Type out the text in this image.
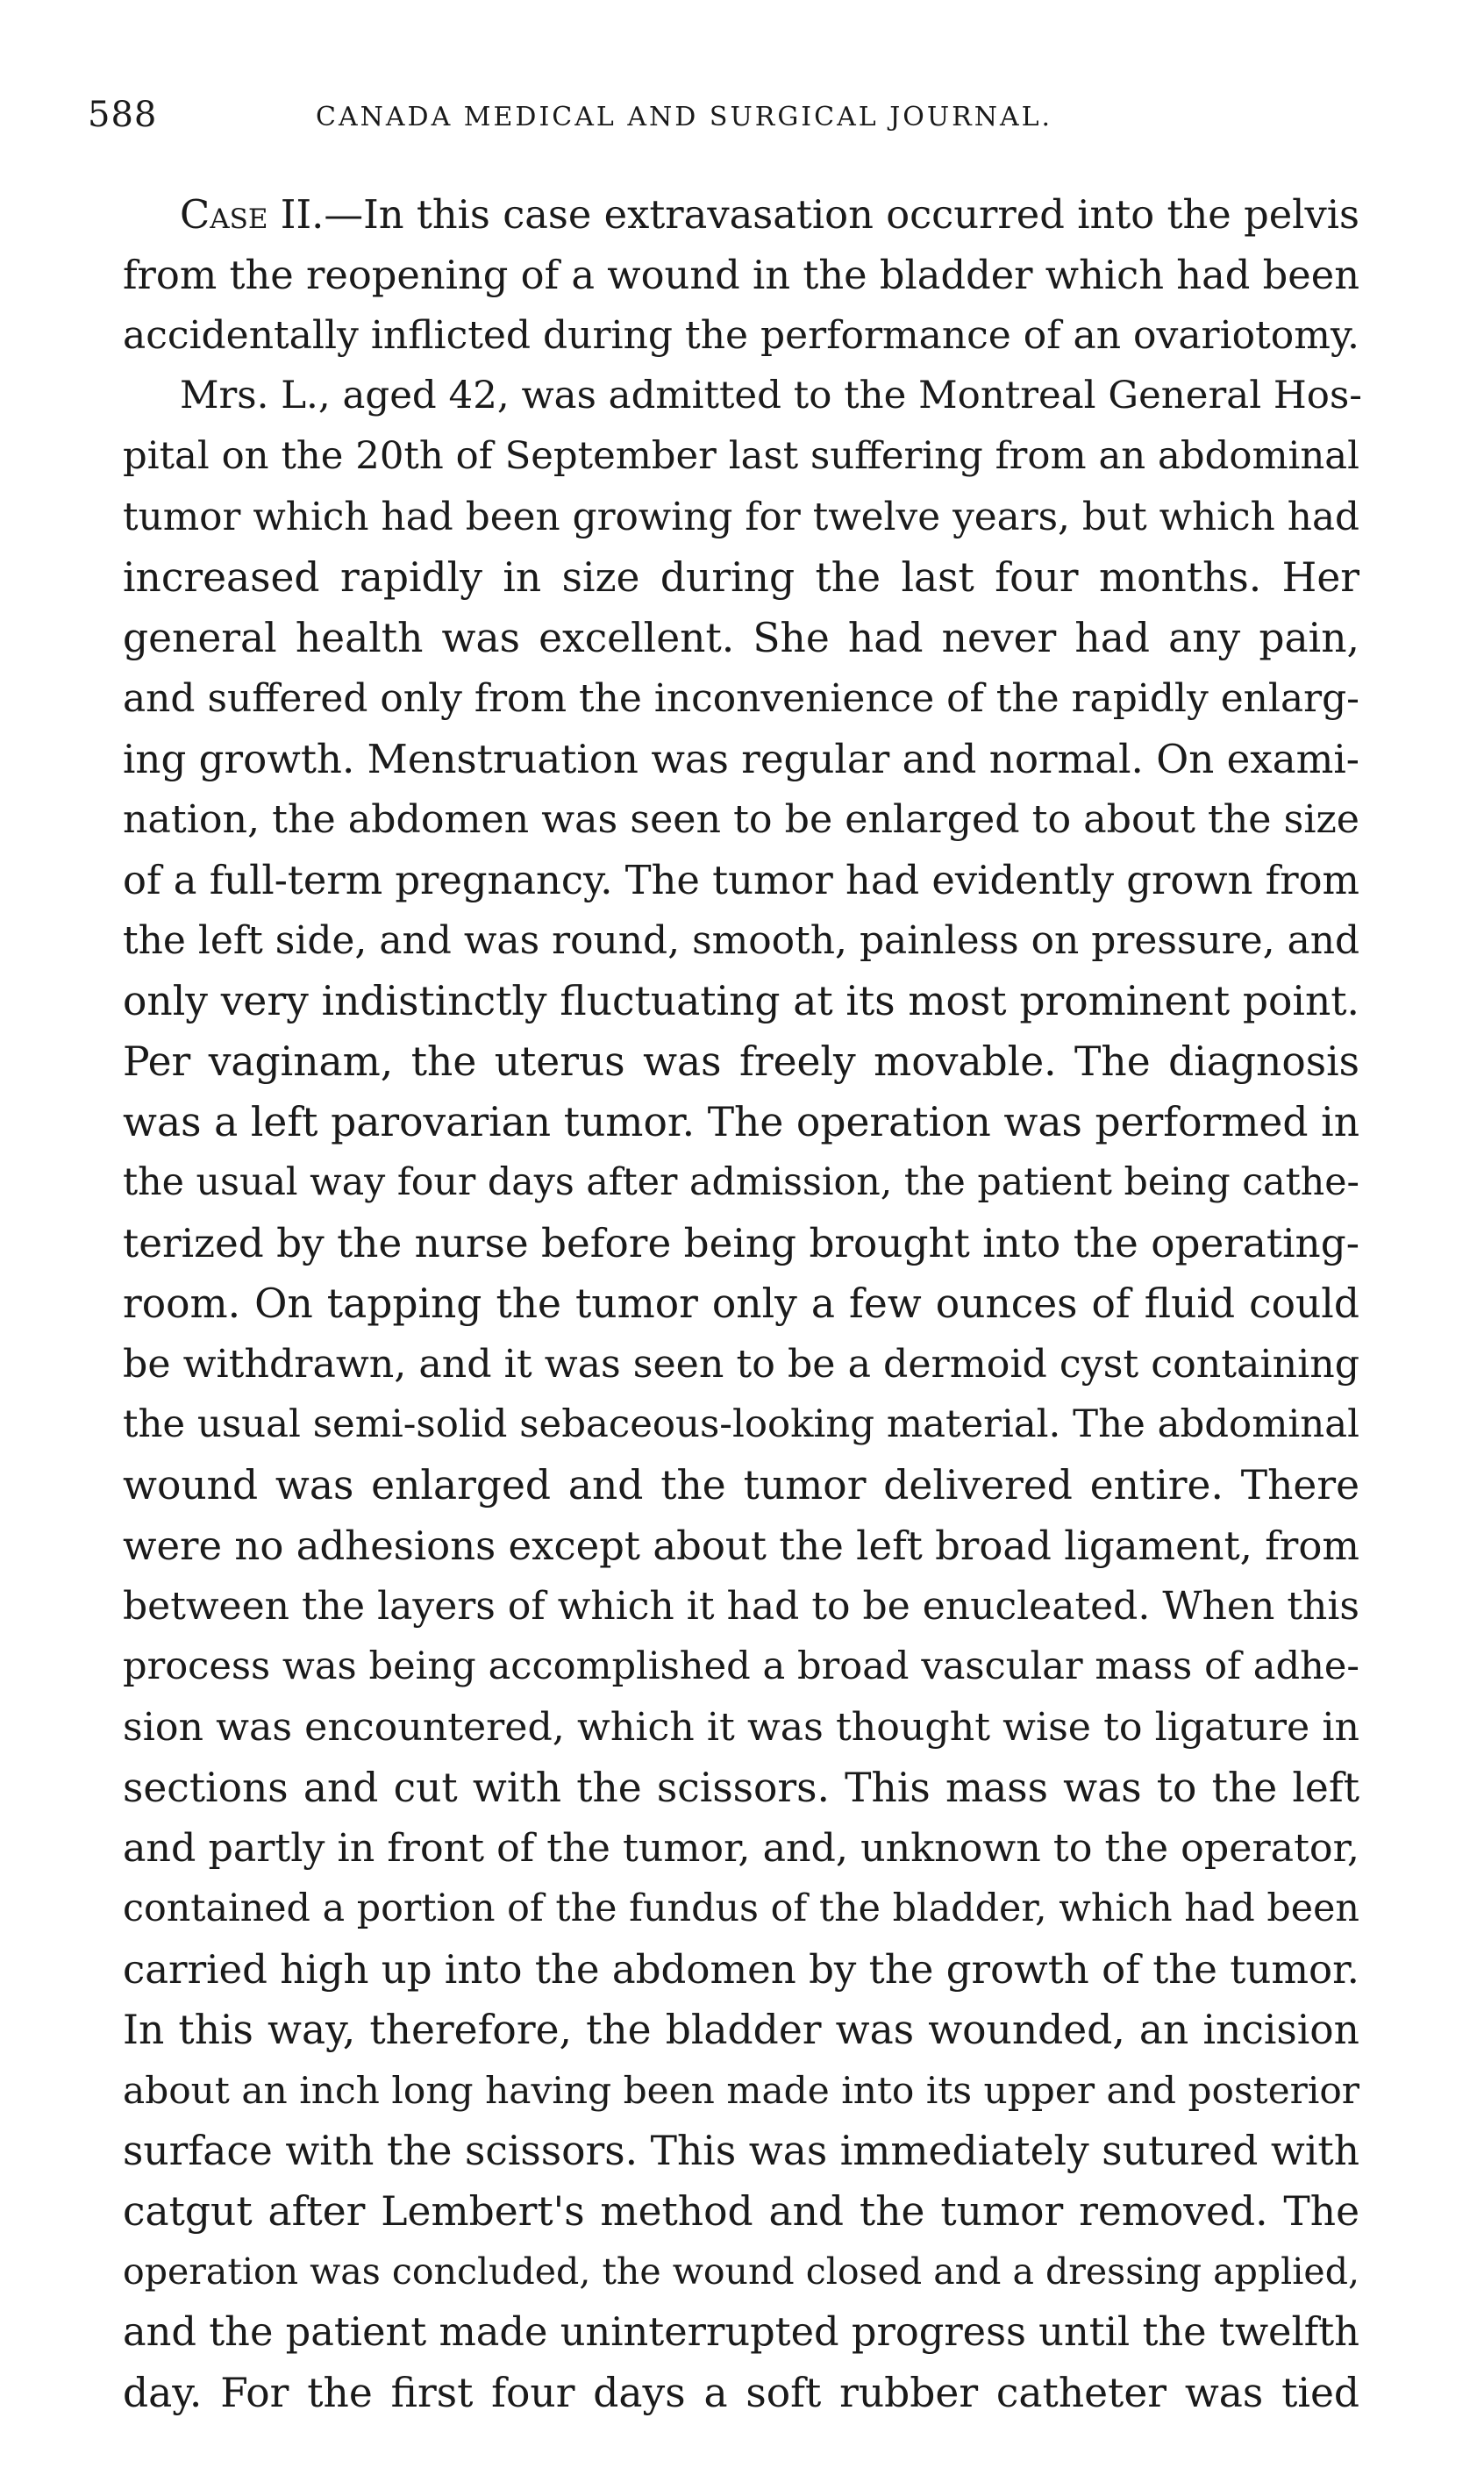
588	CANADA MEDICAL AND SURGICAL JOURNAL.
Case II.—In this case extravasation occurred into the pelvis
from the reopening of a wound in the bladder which had been
accidentally inflicted during the performance of an ovariotomy.
Mrs. L., aged 42, was admitted to the Montreal General Hos-
pital on the 20th of September last suffering from an abdominal
tumor which had been growing for twelve years, but which had
increased rapidly in size during the last four months. Her
general health was excellent. She had never had any pain,
and suffered only from the inconvenience of the rapidly enlarg-
ing growth. Menstruation was regular and normal. On exami-
nation, the abdomen was seen to be enlarged to about the size
of a full-term pregnancy. The tumor had evidently grown from
the left side, and was round, smooth, painless on pressure, and
only very indistinctly fluctuating at its most prominent point.
Per vaginam, the uterus was freely movable. The diagnosis
was a left parovarian tumor. The operation was performed in
the usual way four days after admission, the patient being cathe-
terized by the nurse before being brought into the operating-
room. On tapping the tumor only a few ounces of fluid could
be withdrawn, and it was seen to be a dermoid cyst containing
the usual semi-solid sebaceous-looking material. The abdominal
wound was enlarged and the tumor delivered entire. There
were no adhesions except about the left broad ligament, from
between the layers of which it had to be enucleated. When this
process was being accomplished a broad vascular mass of adhe-
sion was encountered, which it was thought wise to ligature in
sections and cut with the scissors. This mass was to the left
and partly in front of the tumor, and, unknown to the operator,
contained a portion of the fundus of the bladder, which had been
carried high up into the abdomen by the growth of the tumor.
In this way, therefore, the bladder was wounded, an incision
about an inch long having been made into its upper and posterior
surface with the scissors. This was immediately sutured with
catgut after Lembert's method and the tumor removed. The
operation was concluded, the wound closed and a dressing applied,
and the patient made uninterrupted progress until the twelfth
day. For the first four days a soft rubber catheter was tied
